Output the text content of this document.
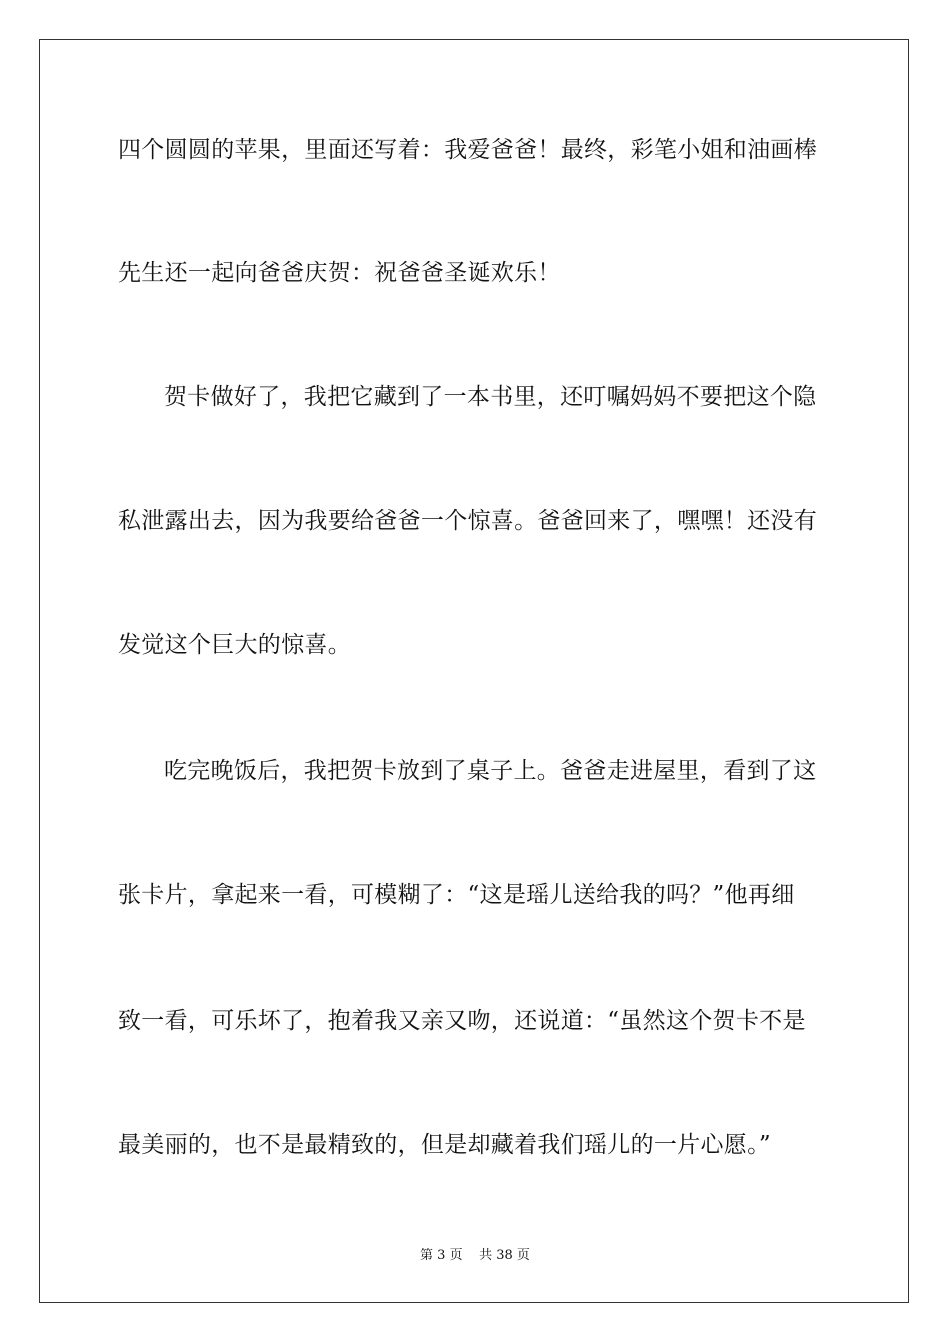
四个圆圆的苹果，里面还写着：我爱爸爸！最终，彩笔小姐和油画棒
先生还一起向爸爸庆贺：祝爸爸圣诞欢乐！
贺卡做好了，我把它藏到了一本书里，还叮嘱妈妈不要把这个隐
私泄露出去，因为我要给爸爸一个惊喜。爸爸回来了，嘿嘿！还没有
发觉这个巨大的惊喜。
吃完晚饭后，我把贺卡放到了桌子上。爸爸走进屋里，看到了这
张卡片，拿起来一看，可模糊了：“这是瑶儿送给我的吗？”他再细
致一看，可乐坏了，抱着我又亲又吻，还说道：“虽然这个贺卡不是
最美丽的，也不是最精致的，但是却藏着我们瑶儿的一片心愿。”
第 3 页 共 38 页
